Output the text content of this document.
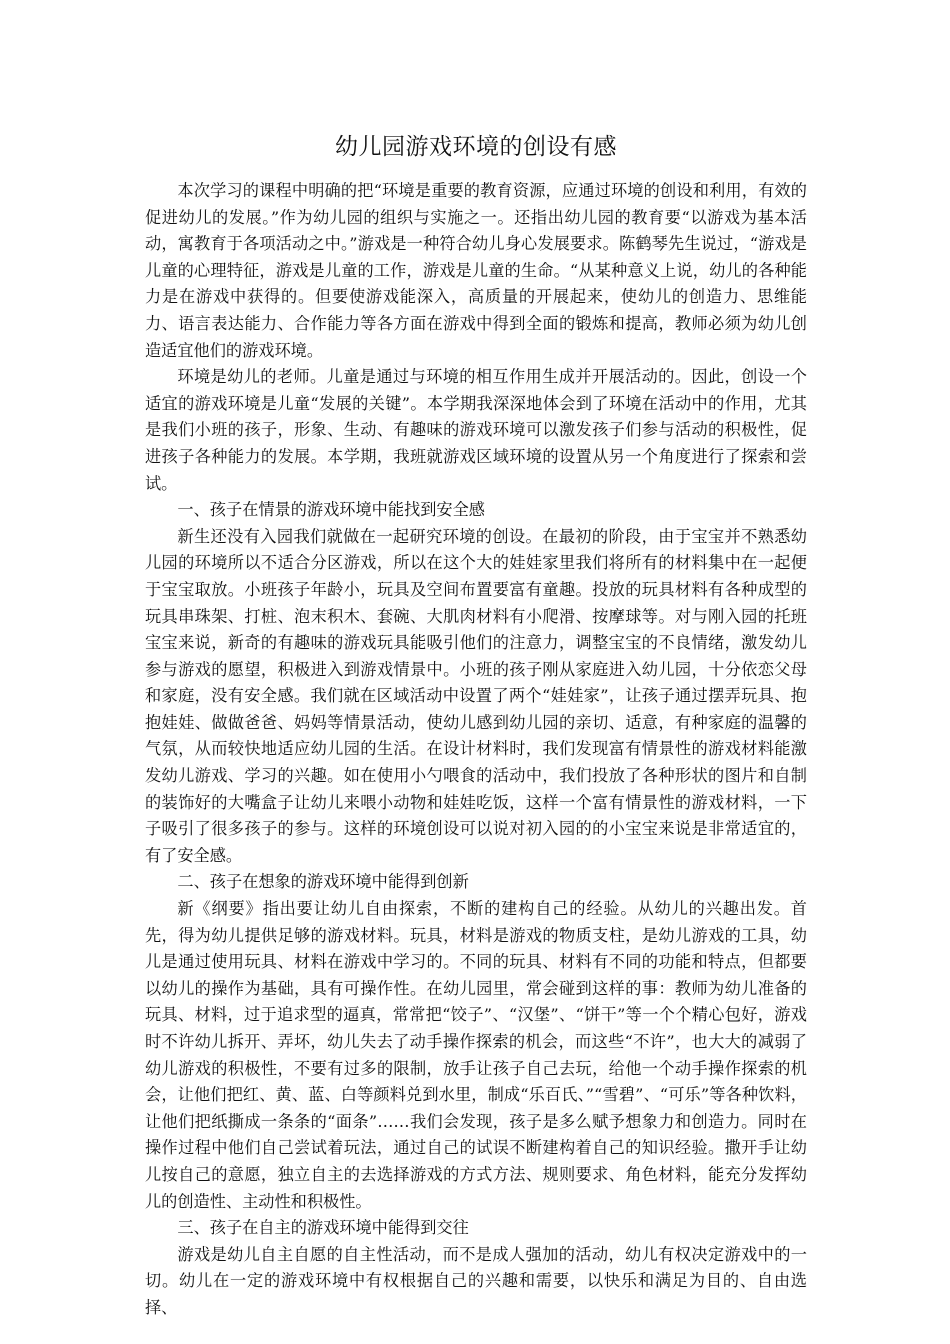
幼儿园游戏环境的创设有感

本次学习的课程中明确的把“环境是重要的教育资源，应通过环境的创设和利用，有效的促进幼儿的发展。”作为幼儿园的组织与实施之一。还指出幼儿园的教育要“以游戏为基本活动，寓教育于各项活动之中。”游戏是一种符合幼儿身心发展要求。陈鹤琴先生说过，“游戏是儿童的心理特征，游戏是儿童的工作，游戏是儿童的生命。“从某种意义上说，幼儿的各种能力是在游戏中获得的。但要使游戏能深入，高质量的开展起来，使幼儿的创造力、思维能力、语言表达能力、合作能力等各方面在游戏中得到全面的锻炼和提高，教师必须为幼儿创造适宜他们的游戏环境。

环境是幼儿的老师。儿童是通过与环境的相互作用生成并开展活动的。因此，创设一个适宜的游戏环境是儿童“发展的关键”。本学期我深深地体会到了环境在活动中的作用，尤其是我们小班的孩子，形象、生动、有趣味的游戏环境可以激发孩子们参与活动的积极性，促进孩子各种能力的发展。本学期，我班就游戏区域环境的设置从另一个角度进行了探索和尝试。

一、孩子在情景的游戏环境中能找到安全感

新生还没有入园我们就做在一起研究环境的创设。在最初的阶段，由于宝宝并不熟悉幼儿园的环境所以不适合分区游戏，所以在这个大的娃娃家里我们将所有的材料集中在一起便于宝宝取放。小班孩子年龄小，玩具及空间布置要富有童趣。投放的玩具材料有各种成型的玩具串珠架、打桩、泡末积木、套碗、大肌肉材料有小爬滑、按摩球等。对与刚入园的托班宝宝来说，新奇的有趣味的游戏玩具能吸引他们的注意力，调整宝宝的不良情绪，激发幼儿参与游戏的愿望，积极进入到游戏情景中。小班的孩子刚从家庭进入幼儿园，十分依恋父母和家庭，没有安全感。我们就在区域活动中设置了两个“娃娃家”，让孩子通过摆弄玩具、抱抱娃娃、做做爸爸、妈妈等情景活动，使幼儿感到幼儿园的亲切、适意，有种家庭的温馨的气氛，从而较快地适应幼儿园的生活。在设计材料时，我们发现富有情景性的游戏材料能激发幼儿游戏、学习的兴趣。如在使用小勺喂食的活动中，我们投放了各种形状的图片和自制的装饰好的大嘴盒子让幼儿来喂小动物和娃娃吃饭，这样一个富有情景性的游戏材料，一下子吸引了很多孩子的参与。这样的环境创设可以说对初入园的的小宝宝来说是非常适宜的，有了安全感。

二、孩子在想象的游戏环境中能得到创新

新《纲要》指出要让幼儿自由探索，不断的建构自己的经验。从幼儿的兴趣出发。首先，得为幼儿提供足够的游戏材料。玩具，材料是游戏的物质支柱，是幼儿游戏的工具，幼儿是通过使用玩具、材料在游戏中学习的。不同的玩具、材料有不同的功能和特点，但都要以幼儿的操作为基础，具有可操作性。在幼儿园里，常会碰到这样的事：教师为幼儿准备的玩具、材料，过于追求型的逼真，常常把“饺子”、“汉堡”、“饼干”等一个个精心包好，游戏时不许幼儿拆开、弄坏，幼儿失去了动手操作探索的机会，而这些“不许”，也大大的减弱了幼儿游戏的积极性，不要有过多的限制，放手让孩子自己去玩，给他一个动手操作探索的机会，让他们把红、黄、蓝、白等颜料兑到水里，制成“乐百氏、”“雪碧”、“可乐”等各种饮料，让他们把纸撕成一条条的“面条”……我们会发现，孩子是多么赋予想象力和创造力。同时在操作过程中他们自己尝试着玩法，通过自己的试误不断建构着自己的知识经验。撒开手让幼儿按自己的意愿，独立自主的去选择游戏的方式方法、规则要求、角色材料，能充分发挥幼儿的创造性、主动性和积极性。

三、孩子在自主的游戏环境中能得到交往

游戏是幼儿自主自愿的自主性活动，而不是成人强加的活动，幼儿有权决定游戏中的一切。幼儿在一定的游戏环境中有权根据自己的兴趣和需要，以快乐和满足为目的、自由选择、
